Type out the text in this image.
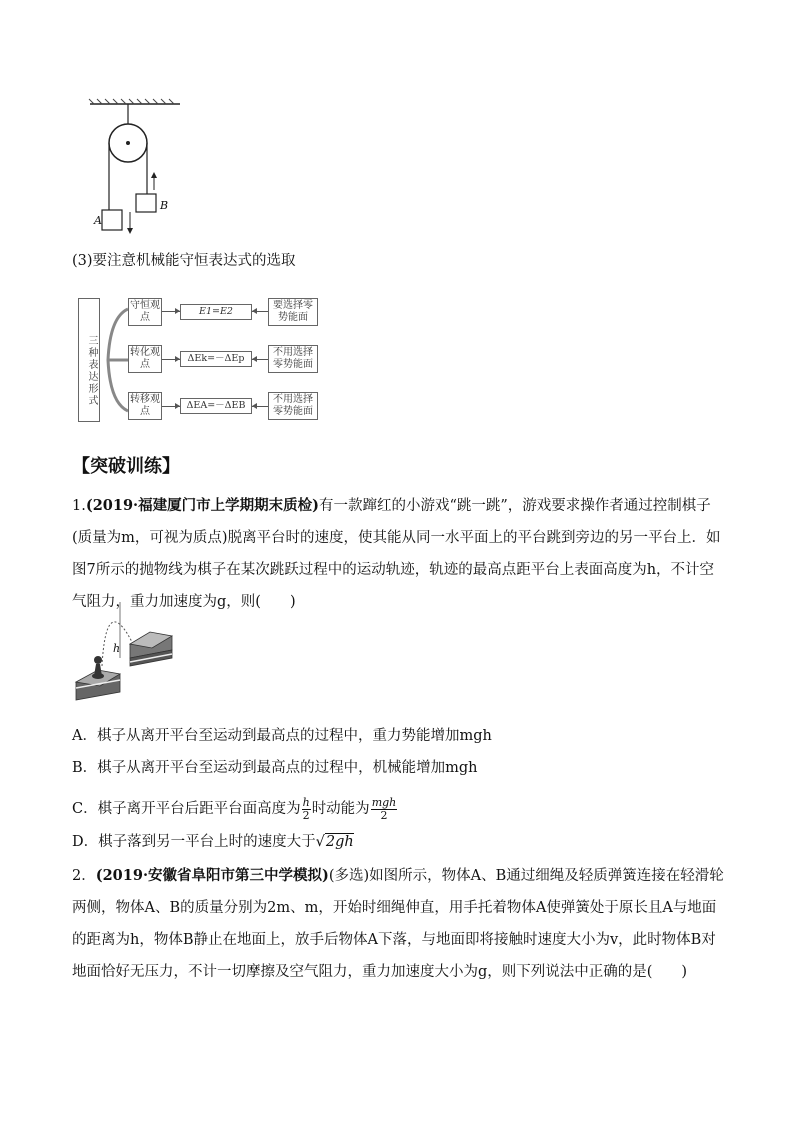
A
B
(3)要注意机械能守恒表达式的选取
三种表达形式
守恒观点
E1=E2
要选择零势能面
转化观点
ΔEk=－ΔEp
不用选择零势能面
转移观点
ΔEA=－ΔEB
不用选择零势能面
【突破训练】
1.(2019·福建厦门市上学期期末质检)有一款蹿红的小游戏“跳一跳”，游戏要求操作者通过控制棋子(质量为m，可视为质点)脱离平台时的速度，使其能从同一水平面上的平台跳到旁边的另一平台上．如图7所示的抛物线为棋子在某次跳跃过程中的运动轨迹，轨迹的最高点距平台上表面高度为h，不计空气阻力，重力加速度为g，则(　　)
h
A．棋子从离开平台至运动到最高点的过程中，重力势能增加mgh
B．棋子从离开平台至运动到最高点的过程中，机械能增加mgh
C．棋子离开平台后距平台面高度为 $\frac{h}{2}$ 时动能为 $\frac{\text{mgh}}{2}$
D．棋子落到另一平台上时的速度大于√2gh
2．(2019·安徽省阜阳市第三中学模拟)(多选)如图所示，物体A、B通过细绳及轻质弹簧连接在轻滑轮两侧，物体A、B的质量分别为2m、m，开始时细绳伸直，用手托着物体A使弹簧处于原长且A与地面的距离为h，物体B静止在地面上，放手后物体A下落，与地面即将接触时速度大小为v，此时物体B对地面恰好无压力，不计一切摩擦及空气阻力，重力加速度大小为g，则下列说法中正确的是(　　)
